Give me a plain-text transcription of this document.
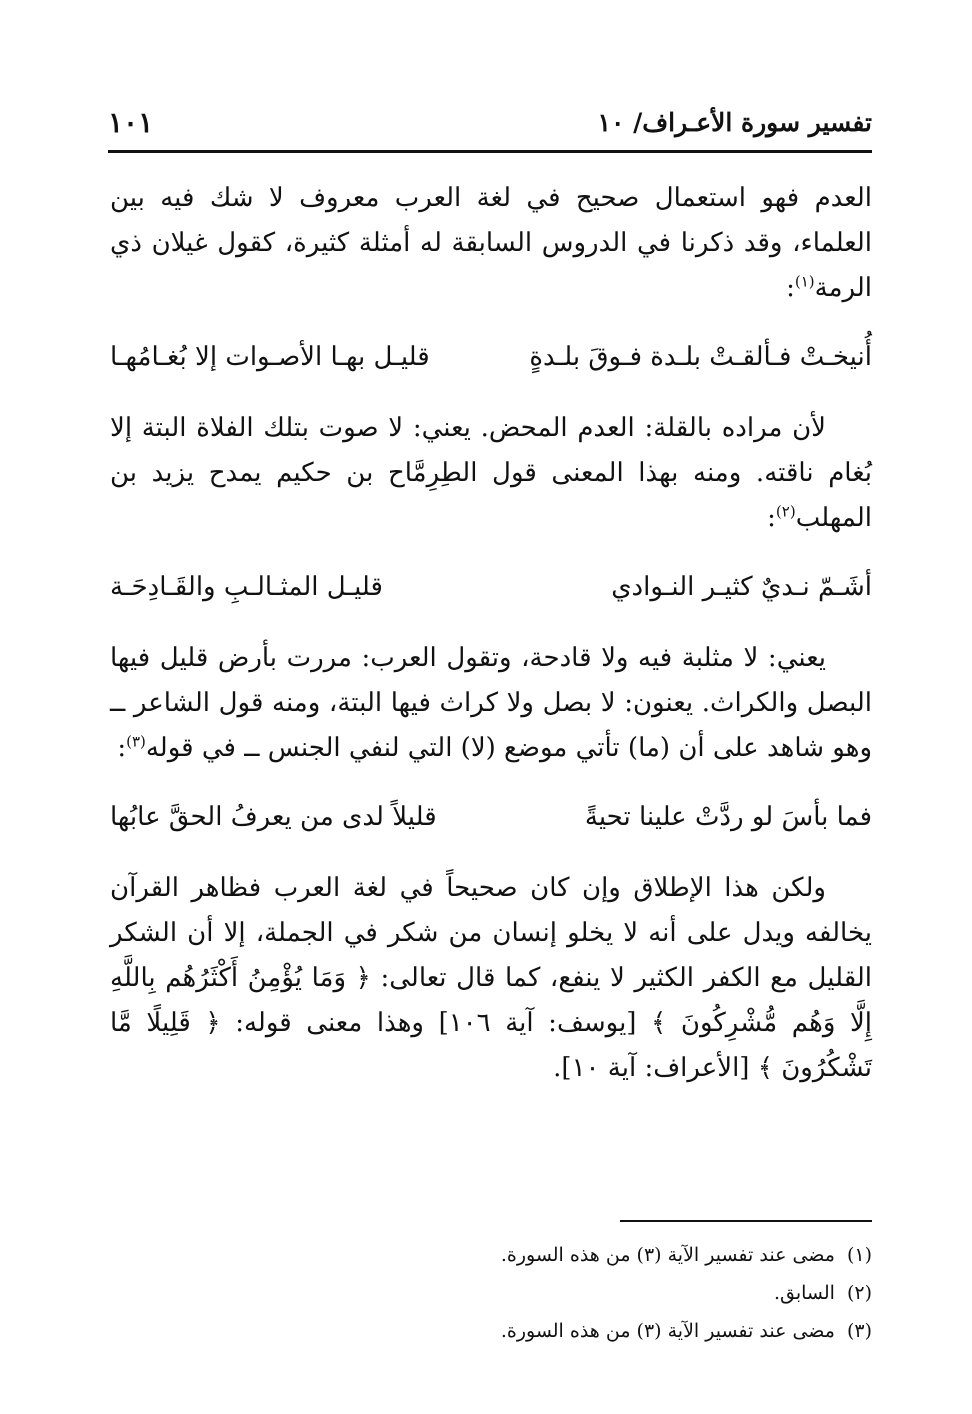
تفسير سورة الأعـراف/ ١٠
١٠١

العدم فهو استعمال صحيح في لغة العرب معروف لا شك فيه بين العلماء، وقد ذكرنا في الدروس السابقة له أمثلة كثيرة، كقول غيلان ذي الرمة$^{(١)}$:

أُنيخـتْ فـألقـتْ بلـدة فـوقَ بلـدةٍ
قليـل بهـا الأصـوات إلا بُغـامُهـا

لأن مراده بالقلة: العدم المحض. يعني: لا صوت بتلك الفلاة البتة إلا بُغام ناقته. ومنه بهذا المعنى قول الطِرِمَّاح بن حكيم يمدح يزيد بن المهلب$^{(٢)}$:

أشَـمّ نـديٌ كثيـر النـوادي
قليـل المثـالـبِ والقَـادِحَـة

يعني: لا مثلبة فيه ولا قادحة، وتقول العرب: مررت بأرض قليل فيها البصل والكراث. يعنون: لا بصل ولا كراث فيها البتة، ومنه قول الشاعر ــ وهو شاهد على أن (ما) تأتي موضع (لا) التي لنفي الجنس ــ في قوله$^{(٣)}$:

فما بأسَ لو ردَّتْ علينا تحيةً
قليلاً لدى من يعرفُ الحقَّ عابُها

ولكن هذا الإطلاق وإن كان صحيحاً في لغة العرب فظاهر القرآن يخالفه ويدل على أنه لا يخلو إنسان من شكر في الجملة، إلا أن الشكر القليل مع الكفر الكثير لا ينفع، كما قال تعالى: ﴿ وَمَا يُؤْمِنُ أَكْثَرُهُم بِاللَّهِ إِلَّا وَهُم مُّشْرِكُونَ ﴾ [يوسف: آية ١٠٦] وهذا معنى قوله: ﴿ قَلِيلًا مَّا تَشْكُرُونَ ﴾ [الأعراف: آية ١٠].

(١)مضى عند تفسير الآية (٣) من هذه السورة.

(٢)السابق.

(٣)مضى عند تفسير الآية (٣) من هذه السورة.
